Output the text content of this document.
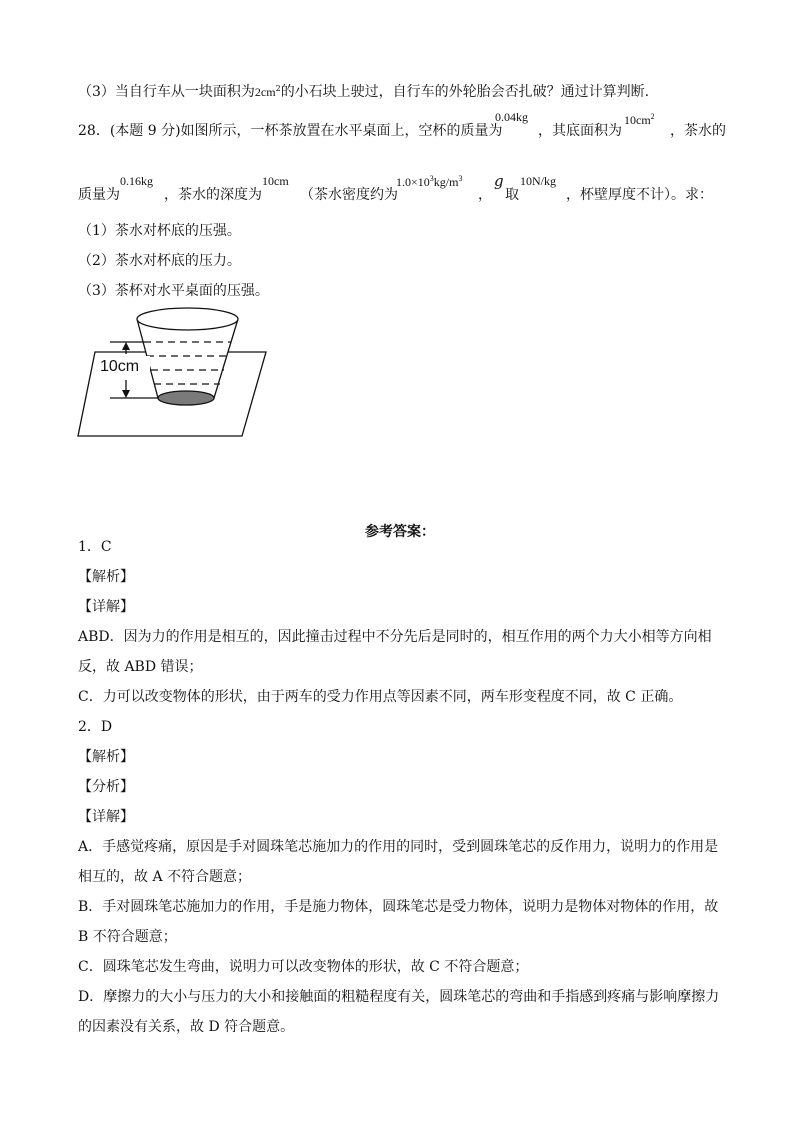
（3）当自行车从一块面积为$2cm^2$的小石块上驶过，自行车的外轮胎会否扎破？通过计算判断.
28．(本题 9 分)如图所示，一杯茶放置在水平桌面上，空杯的质量为
0.04kg
，其底面积为
$10cm^2$
，茶水的
质量为
0.16kg
，茶水的深度为
10cm
（茶水密度约为
$1.0\times 10^3kg/m^3$
，
g 10N/kg
取	，杯壁厚度不计）。求：
（1）茶水对杯底的压强。
（2）茶水对杯底的压力。
（3）茶杯对水平桌面的压强。
10cm
参考答案：
1．C
【解析】
【详解】
ABD．因为力的作用是相互的，因此撞击过程中不分先后是同时的，相互作用的两个力大小相等方向相
反，故 ABD 错误；
C．力可以改变物体的形状，由于两车的受力作用点等因素不同，两车形变程度不同，故 C 正确。
2．D
【解析】
【分析】
【详解】
A．手感觉疼痛，原因是手对圆珠笔芯施加力的作用的同时，受到圆珠笔芯的反作用力，说明力的作用是
相互的，故 A 不符合题意；
B．手对圆珠笔芯施加力的作用，手是施力物体，圆珠笔芯是受力物体，说明力是物体对物体的作用，故
B 不符合题意；
C．圆珠笔芯发生弯曲，说明力可以改变物体的形状，故 C 不符合题意；
D．摩擦力的大小与压力的大小和接触面的粗糙程度有关，圆珠笔芯的弯曲和手指感到疼痛与影响摩擦力
的因素没有关系，故 D 符合题意。
